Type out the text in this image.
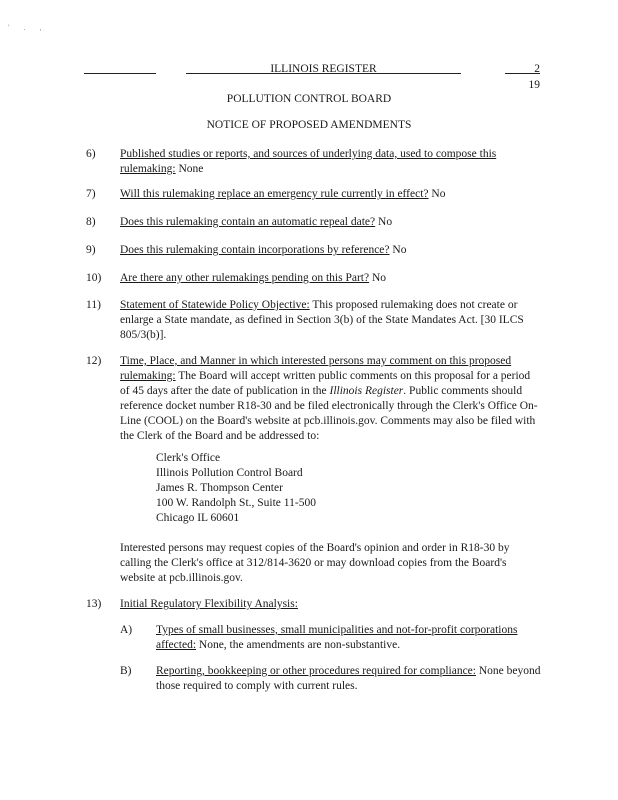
' . ,
ILLINOIS REGISTER	2
19
POLLUTION CONTROL BOARD
NOTICE OF PROPOSED AMENDMENTS
6)	Published studies or reports, and sources of underlying data, used to compose this rulemaking: None
7)	Will this rulemaking replace an emergency rule currently in effect? No
8)	Does this rulemaking contain an automatic repeal date? No
9)	Does this rulemaking contain incorporations by reference? No
10)	Are there any other rulemakings pending on this Part? No
11)	Statement of Statewide Policy Objective: This proposed rulemaking does not create or enlarge a State mandate, as defined in Section 3(b) of the State Mandates Act. [30 ILCS 805/3(b)].
12)	Time, Place, and Manner in which interested persons may comment on this proposed rulemaking: The Board will accept written public comments on this proposal for a period of 45 days after the date of publication in the Illinois Register. Public comments should reference docket number R18-30 and be filed electronically through the Clerk's Office On-Line (COOL) on the Board's website at pcb.illinois.gov. Comments may also be filed with the Clerk of the Board and be addressed to:
Clerk's Office
Illinois Pollution Control Board
James R. Thompson Center
100 W. Randolph St., Suite 11-500
Chicago IL 60601
Interested persons may request copies of the Board's opinion and order in R18-30 by calling the Clerk's office at 312/814-3620 or may download copies from the Board's website at pcb.illinois.gov.
13)	Initial Regulatory Flexibility Analysis:
A) Types of small businesses, small municipalities and not-for-profit corporations affected: None, the amendments are non-substantive.
B) Reporting, bookkeeping or other procedures required for compliance: None beyond those required to comply with current rules.
